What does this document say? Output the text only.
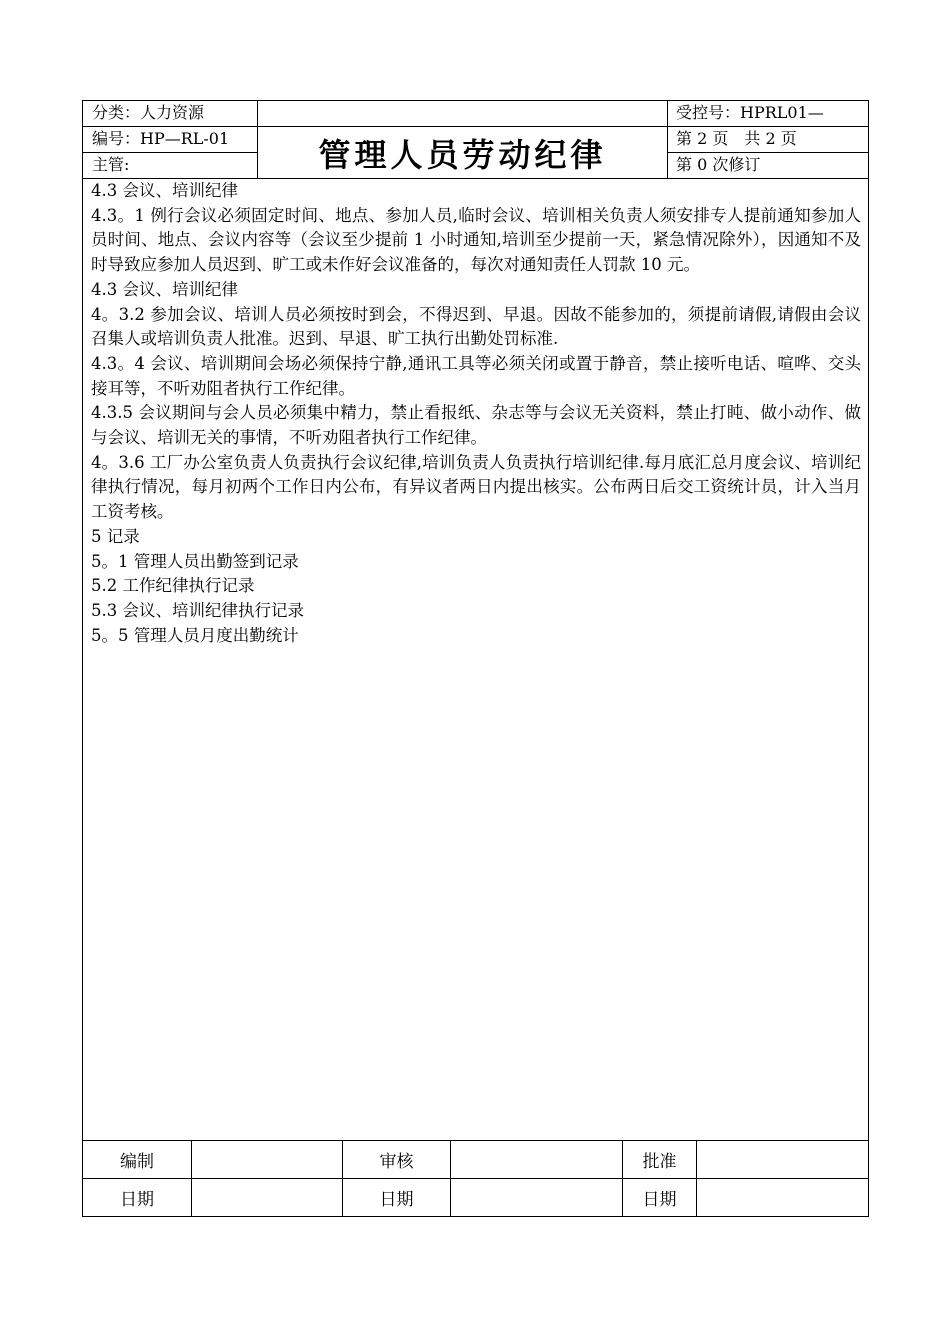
分类：人力资源	受控号：HPRL01—
编号：HP—RL-01	第 2 页　共 2 页
主管:	第 0 次修订
管理人员劳动纪律

4.3 会议、培训纪律

4.3。1 例行会议必须固定时间、地点、参加人员,临时会议、培训相关负责人须安排专人提前通知参加人员时间、地点、会议内容等（会议至少提前 1 小时通知,培训至少提前一天，紧急情况除外），因通知不及时导致应参加人员迟到、旷工或未作好会议准备的，每次对通知责任人罚款 10 元。

4.3 会议、培训纪律

4。3.2 参加会议、培训人员必须按时到会，不得迟到、早退。因故不能参加的，须提前请假,请假由会议召集人或培训负责人批准。迟到、早退、旷工执行出勤处罚标准.

4.3。4 会议、培训期间会场必须保持宁静,通讯工具等必须关闭或置于静音，禁止接听电话、喧哗、交头接耳等，不听劝阻者执行工作纪律。

4.3.5 会议期间与会人员必须集中精力，禁止看报纸、杂志等与会议无关资料，禁止打盹、做小动作、做与会议、培训无关的事情，不听劝阻者执行工作纪律。

4。3.6 工厂办公室负责人负责执行会议纪律,培训负责人负责执行培训纪律.每月底汇总月度会议、培训纪律执行情况，每月初两个工作日内公布，有异议者两日内提出核实。公布两日后交工资统计员，计入当月工资考核。

5 记录

5。1 管理人员出勤签到记录

5.2 工作纪律执行记录

5.3 会议、培训纪律执行记录

5。5 管理人员月度出勤统计

编制	审核	批准
日期	日期	日期
